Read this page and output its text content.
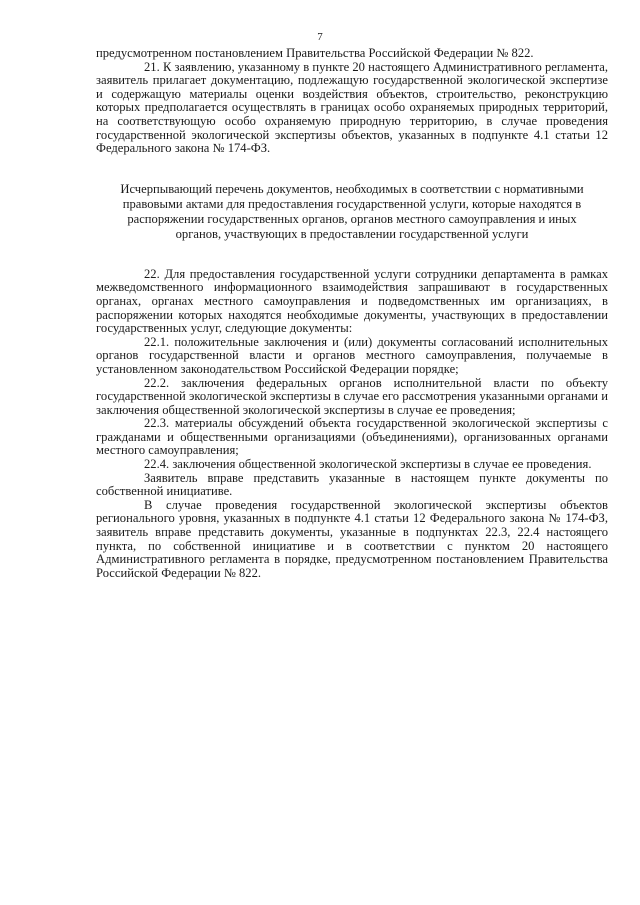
7

предусмотренном постановлением Правительства Российской Федерации № 822.

21. К заявлению, указанному в пункте 20 настоящего Административного регламента, заявитель прилагает документацию, подлежащую государственной экологической экспертизе и содержащую материалы оценки воздействия объектов, строительство, реконструкцию которых предполагается осуществлять в границах особо охраняемых природных территорий, на соответствующую особо охраняемую природную территорию, в случае проведения государственной экологической экспертизы объектов, указанных в подпункте 4.1 статьи 12 Федерального закона № 174-ФЗ.

Исчерпывающий перечень документов, необходимых в соответствии с нормативными правовыми актами для предоставления государственной услуги, которые находятся в распоряжении государственных органов, органов местного самоуправления и иных органов, участвующих в предоставлении государственной услуги

22. Для предоставления государственной услуги сотрудники департамента в рамках межведомственного информационного взаимодействия запрашивают в государственных органах, органах местного самоуправления и подведомственных им организациях, в распоряжении которых находятся необходимые документы, участвующих в предоставлении государственных услуг, следующие документы:

22.1. положительные заключения и (или) документы согласований исполнительных органов государственной власти и органов местного самоуправления, получаемые в установленном законодательством Российской Федерации порядке;

22.2. заключения федеральных органов исполнительной власти по объекту государственной экологической экспертизы в случае его рассмотрения указанными органами и заключения общественной экологической экспертизы в случае ее проведения;

22.3. материалы обсуждений объекта государственной экологической экспертизы с гражданами и общественными организациями (объединениями), организованных органами местного самоуправления;

22.4. заключения общественной экологической экспертизы в случае ее проведения.

Заявитель вправе представить указанные в настоящем пункте документы по собственной инициативе.

В случае проведения государственной экологической экспертизы объектов регионального уровня, указанных в подпункте 4.1 статьи 12 Федерального закона № 174-ФЗ, заявитель вправе представить документы, указанные в подпунктах 22.3, 22.4 настоящего пункта, по собственной инициативе и в соответствии с пунктом 20 настоящего Административного регламента в порядке, предусмотренном постановлением Правительства Российской Федерации № 822.
